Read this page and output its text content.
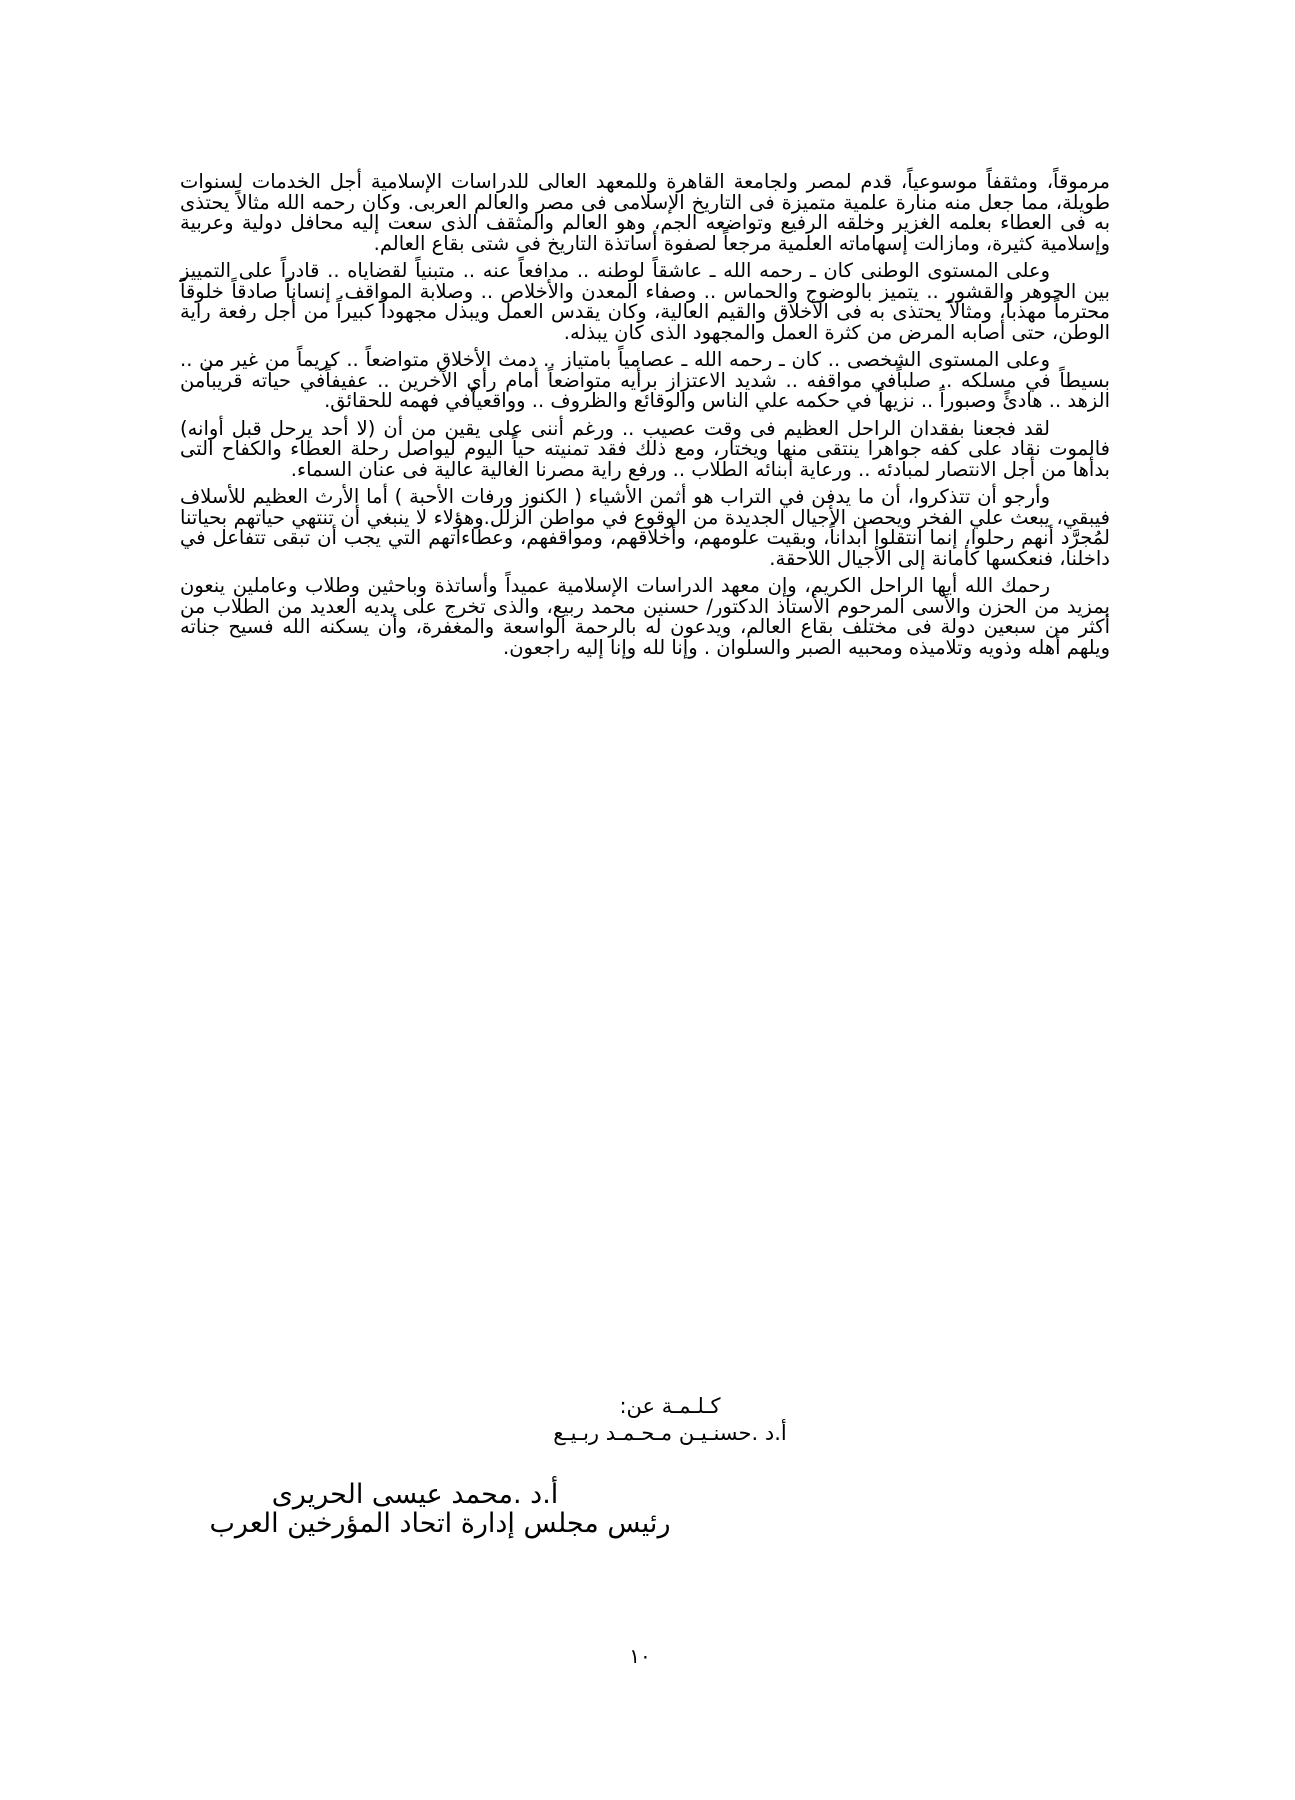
مرموقاً، ومثقفاً موسوعياً، قدم لمصر ولجامعة القاهرة وللمعهد العالى للدراسات الإسلامية أجل الخدمات لسنوات طويلة، مما جعل منه منارة علمية متميزة فى التاريخ الإسلامى فى مصر والعالم العربى. وكان رحمه الله مثالاً يحتذى به فى العطاء بعلمه الغزير وخلقه الرفيع وتواضعه الجم، وهو العالم والمثقف الذى سعت إليه محافل دولية وعربية وإسلامية كثيرة، ومازالت إسهاماته العلمية مرجعاً لصفوة أساتذة التاريخ فى شتى بقاع العالم.

وعلى المستوى الوطنى كان ـ رحمه الله ـ عاشقاً لوطنه .. مدافعاً عنه .. متبنياً لقضاياه .. قادراً على التمييز بين الجوهر والقشور .. يتميز بالوضوح والحماس .. وصفاء المعدن والأخلاص .. وصلابة المواقف. إنساناً صادقاً خلوقاً محترماً مهذباً، ومثالاً يحتذى به فى الأخلاق والقيم العالية، وكان يقدس العمل ويبذل مجهوداً كبيراً من أجل رفعة راية الوطن، حتى أصابه المرض من كثرة العمل والمجهود الذى كان يبذله.

وعلى المستوى الشخصى .. كان ـ رحمه الله ـ عصامياً بامتياز .. دمث الأخلاق متواضعاً .. كريماً من غير من .. بسيطاً في مسلكه .. صلباًفي مواقفه .. شديد الاعتزاز برأيه متواضعاً أمام رأي الآخرين .. عفيفاًفي حياته قريباًمن الزهد .. هادئً وصبوراً .. نزيهاً في حكمه علي الناس والوقائع والظروف .. وواقعياًفي فهمه للحقائق.

لقد فجعنا بفقدان الراحل العظيم فى وقت عصيب .. ورغم أننى على يقين من أن (لا أحد يرحل قبل أوانه) فالموت نقاد على كفه جواهرا ينتقى منها ويختار، ومع ذلك فقد تمنيته حياً اليوم ليواصل رحلة العطاء والكفاح التى بدأها من أجل الانتصار لمبادئه .. ورعاية أبنائه الطلاب .. ورفع راية مصرنا الغالية عالية فى عنان السماء.

وأرجو أن تتذكروا، أن ما يدفن في التراب هو أثمن الأشياء ( الكنوز ورفات الأحبة ) أما الأرث العظيم للأسلاف فيبقي، يبعث علي الفخر ويحصن الأجيال الجديدة من الوقوع في مواطن الزلل.وهؤلاء لا ينبغي أن تنتهي حياتهم بحياتنا لمُجرَّد أنهم رحلوا، إنما انتقلوا أبداناً، وبقيت علومهم، وأخلاقهم، ومواقفهم، وعطاءاتهم التي يجب أن تبقى تتفاعل في داخلنا، فنعكسها كأمانة إلى الأجيال اللاحقة.

رحمك الله أيها الراحل الكريم، وإن معهد الدراسات الإسلامية عميداً وأساتذة وباحثين وطلاب وعاملين ينعون بمزيد من الحزن والأسى المرحوم الأستاذ الدكتور/ حسنين محمد ربيع، والذى تخرج على يديه العديد من الطلاب من أكثر من سبعين دولة فى مختلف بقاع العالم، ويدعون له بالرحمة الواسعة والمغفرة، وأن يسكنه الله فسيح جناته ويلهم أهله وذويه وتلاميذه ومحبيه الصبر والسلوان . وإنا لله وإنا إليه راجعون.

كـلـمـة عن:
أ.د .حسنـيـن مـحـمـد ربـيـع
أ.د .محمد عيسى الحريرى
رئيس مجلس إدارة اتحاد المؤرخين العرب
١٠
